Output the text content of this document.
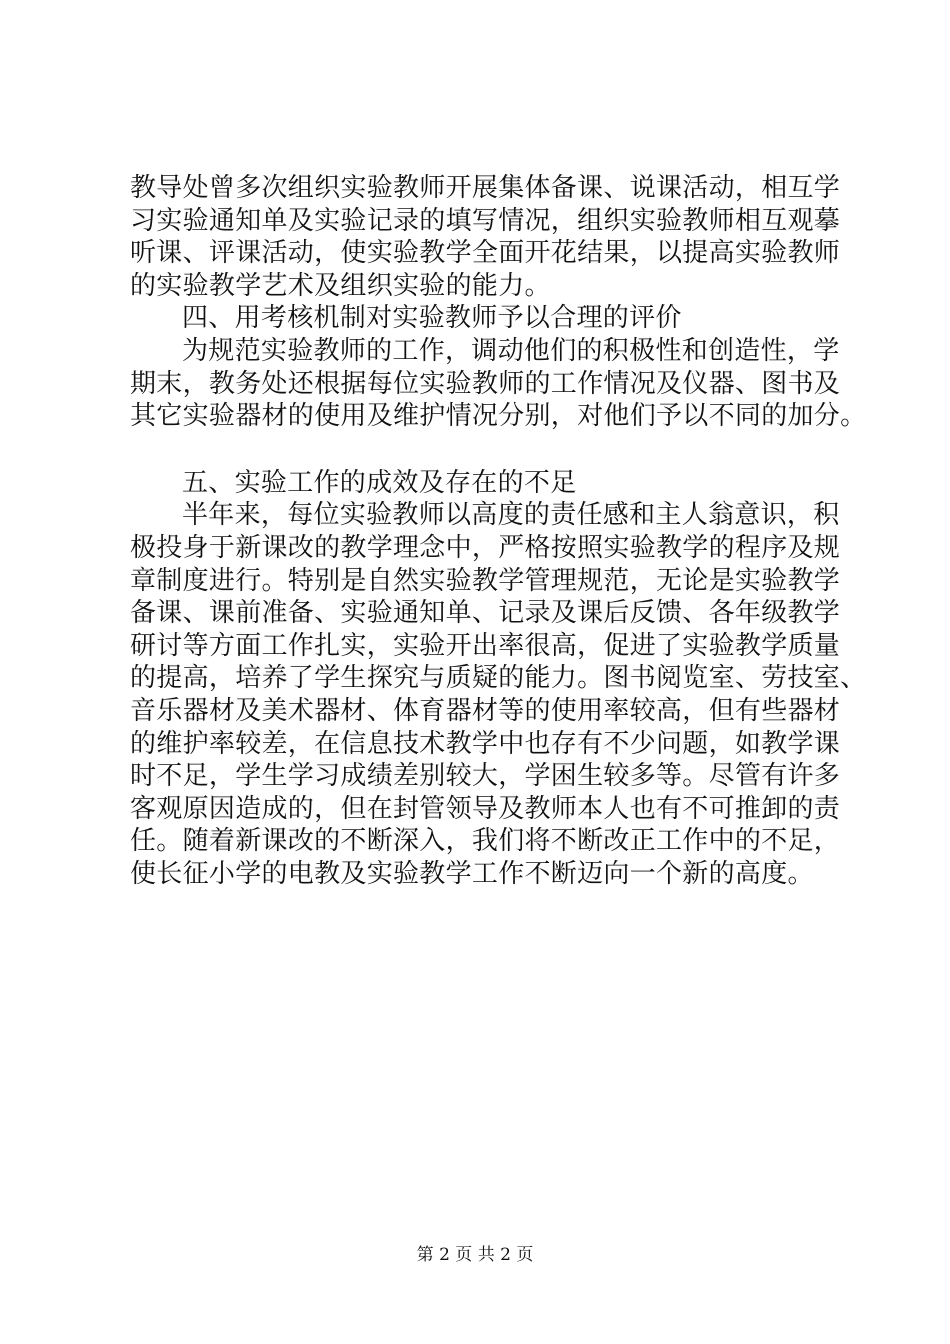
教导处曾多次组织实验教师开展集体备课、说课活动，相互学
习实验通知单及实验记录的填写情况，组织实验教师相互观摹
听课、评课活动，使实验教学全面开花结果，以提高实验教师
的实验教学艺术及组织实验的能力。
四、用考核机制对实验教师予以合理的评价
为规范实验教师的工作，调动他们的积极性和创造性，学
期末，教务处还根据每位实验教师的工作情况及仪器、图书及
其它实验器材的使用及维护情况分别，对他们予以不同的加分。
五、实验工作的成效及存在的不足
半年来，每位实验教师以高度的责任感和主人翁意识，积
极投身于新课改的教学理念中，严格按照实验教学的程序及规
章制度进行。特别是自然实验教学管理规范，无论是实验教学
备课、课前准备、实验通知单、记录及课后反馈、各年级教学
研讨等方面工作扎实，实验开出率很高，促进了实验教学质量
的提高，培养了学生探究与质疑的能力。图书阅览室、劳技室、
音乐器材及美术器材、体育器材等的使用率较高，但有些器材
的维护率较差，在信息技术教学中也存有不少问题，如教学课
时不足，学生学习成绩差别较大，学困生较多等。尽管有许多
客观原因造成的，但在封管领导及教师本人也有不可推卸的责
任。随着新课改的不断深入，我们将不断改正工作中的不足，
使长征小学的电教及实验教学工作不断迈向一个新的高度。
第 2 页 共 2 页
